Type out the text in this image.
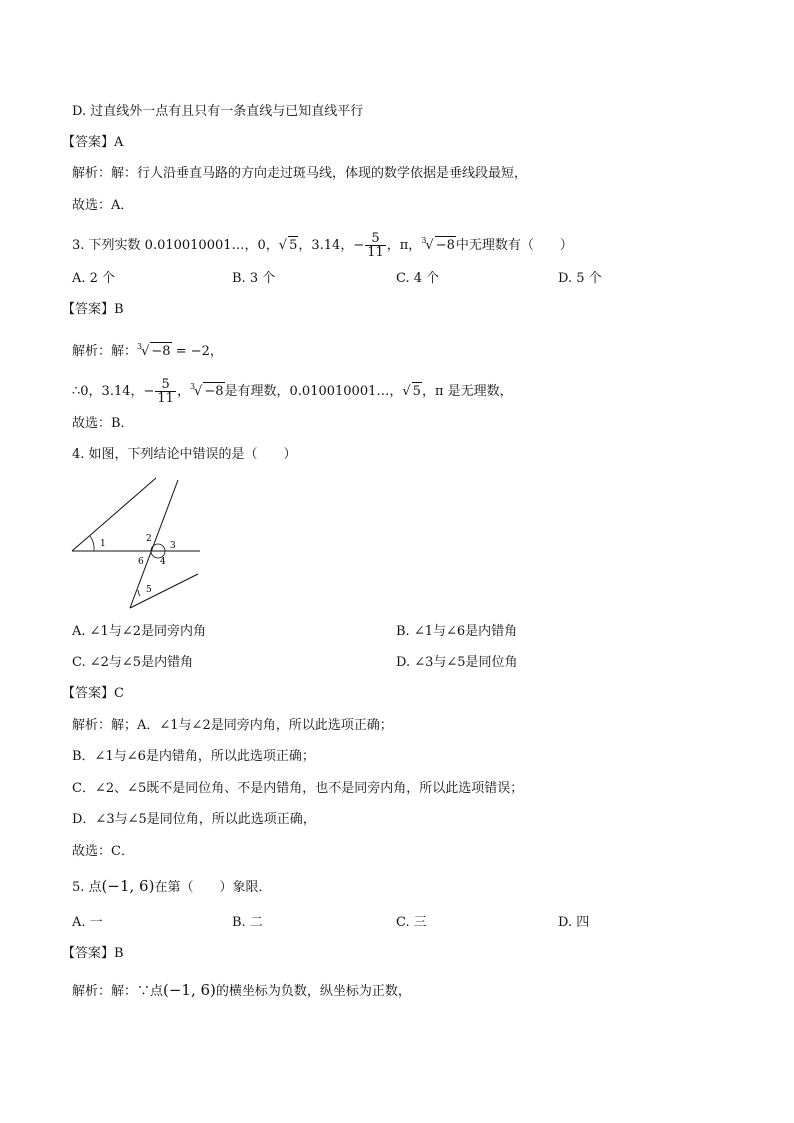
D. 过直线外一点有且只有一条直线与已知直线平行
【答案】A
解析：解：行人沿垂直马路的方向走过斑马线，体现的数学依据是垂线段最短，
故选：A．
3. 下列实数 0.010010001…，0，√ 5，3.14，− $\frac{5}{11}$ ，π，$^3$√ −8中无理数有（　　）
A. 2 个	B. 3 个	C. 4 个	D. 5 个
【答案】B
解析：解：$^3$√ −8 = −2，
∴0，3.14，− $\frac{5}{11}$ ，$^3$√ −8是有理数，0.010010001…，√ 5，π 是无理数，
故选：B．
4. 如图，下列结论中错误的是（　　）
1	2
3
6 4
5
A. ∠1与∠2是同旁内角	B. ∠1与∠6是内错角
C. ∠2与∠5是内错角	D. ∠3与∠5是同位角
【答案】C
解析：解；A．∠1与∠2是同旁内角，所以此选项正确；
B．∠1与∠6是内错角，所以此选项正确；
C．∠2、∠5既不是同位角、不是内错角，也不是同旁内角，所以此选项错误；
D．∠3与∠5是同位角，所以此选项正确，
故选：C．
5. 点(−1, 6)在第（　　）象限．
A. 一	B. 二	C. 三	D. 四
【答案】B
解析：解：∵点(−1, 6)的横坐标为负数，纵坐标为正数，
